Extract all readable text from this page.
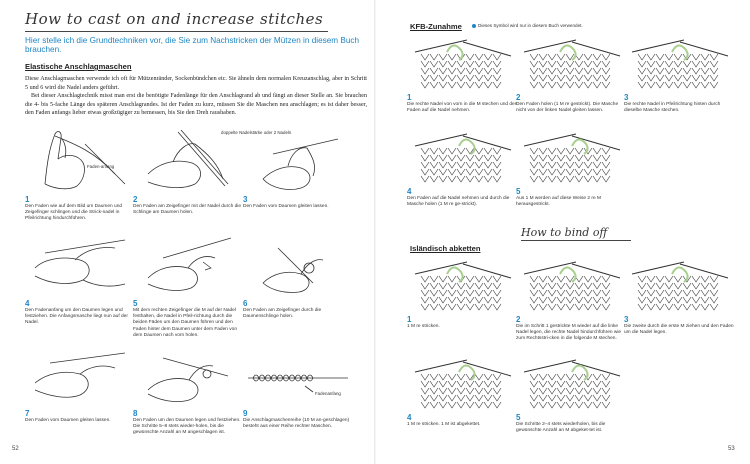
How to cast on and increase stitches
Hier stelle ich die Grundtechniken vor, die Sie zum Nachstricken der Mützen in diesem Buch brauchen.
Elastische Anschlagmaschen

Diese Anschlagmaschen verwende ich oft für Mützenränder, Sockenbündchen etc. Sie ähneln dem normalen Kreuzanschlag, aber in Schritt 5 und 6 wird die Nadel anders geführt.

Bei dieser Anschlagtechnik misst man erst die benötigte Fadenlänge für den Anschlagrand ab und fängt an dieser Stelle an. Sie brauchen die 4- bis 5-fache Länge des späteren Anschlagrandes. Ist der Faden zu kurz, müssen Sie die Maschen neu anschlagen; es ist daher besser, den Faden anfangs lieber etwas großzügiger zu bemessen, bis Sie den Dreh raushaben.

Faden-anfang
1
Den Faden wie auf dem Bild um Daumen und Zeigefinger schlingen und die Strick-nadel in Pfeilrichtung hindurchführen.
doppelte Nadelstärke oder 2 Nadeln
2
Den Faden am Zeigefinger mit der Nadel durch die Schlinge am Daumen holen.
3
Den Faden vom Daumen gleiten lassen.
4
Den Fadenanfang um den Daumen legen und festziehen. Die Anfangsmasche liegt nun auf der Nadel.
5
Mit dem rechten Zeigefinger die M auf der Nadel festhalten, die Nadel in Pfeil-richtung durch die beiden Fäden um den Daumen führen und den Faden hinter dem Daumen unter dem Faden von dem Daumen nach vorn holen.
6
Den Faden am Zeigefinger durch die Daumenschlinge holen.
7
Den Faden vom Daumen gleiten lassen.
8
Den Faden um den Daumen legen und festziehen. Die Schritte 5–8 stets wieder-holen, bis die gewünschte Anzahl an M angeschlagen ist.
Fadenanfang
9
Die Anschlagmaschenreihe (10 M an-geschlagen) besteht aus einer Reihe rechter Maschen.
52
KFB-Zunahme	Dieses Symbol wird nur in diesem Buch verwendet.
1
Die rechte Nadel von vorn in die M stechen und den Faden auf die Nadel nehmen.
2
Den Faden holen (1 M re gestrickt). Die Masche nicht von der linken Nadel gleiten lassen.
3
Die rechte Nadel in Pfeilrichtung hinten durch dieselbe Masche stechen.
4
Den Faden auf die Nadel nehmen und durch die Masche holen (1 M re ge-strickt).
5
Aus 1 M werden auf diese Weise 2 re M herausgestrickt.
How to bind off
Isländisch abketten
1
1 M re stricken.
2
Die im Schritt 1 gestrickte M wieder auf die linke Nadel legen, die rechte Nadel hindurchführen wie zum Rechtsstri-cken in die folgende M stechen.
3
Die zweite durch die erste M ziehen und den Faden um die Nadel legen.
4
1 M re stricken. 1 M ist abgekettet.
5
Die Schritte 2–4 stets wiederholen, bis die gewünschte Anzahl an M abgeket-tet ist.
53
